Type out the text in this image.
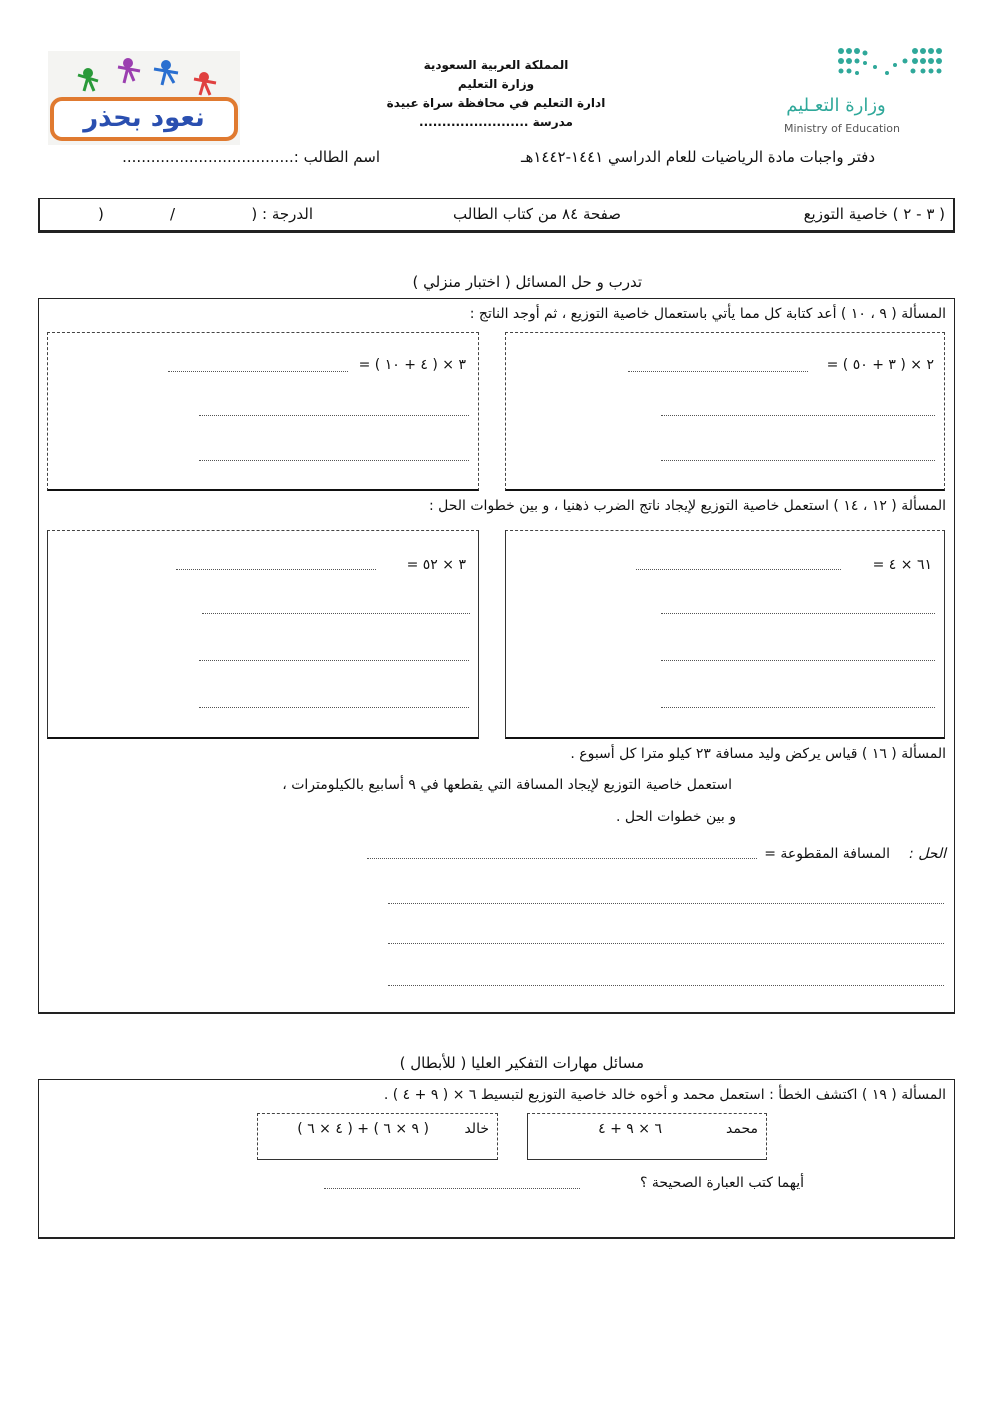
نعود بحذر
المملكة العربية السعودية
وزارة التعليم
ادارة التعليم في محافظة سراة عبيدة
مدرسة ........................
وزارة التعـليم
Ministry of Education
دفتر واجبات مادة الرياضيات للعام الدراسي ١٤٤١-١٤٤٢هـ
اسم الطالب :....................................
( ٣ - ٢ ) خاصية التوزيع
صفحة ٨٤ من كتاب الطالب
الدرجة : (
/
)
تدرب و حل المسائل ( اختبار منزلي )
المسألة ( ٩ ، ١٠ ) أعد كتابة كل مما يأتي باستعمال خاصية التوزيع ، ثم أوجد الناتج :
= ( ٣ + ٥٠ ) × ٢
= ( ٤ + ١٠ ) × ٣
المسألة ( ١٢ ، ١٤ ) استعمل خاصية التوزيع لإيجاد ناتج الضرب ذهنيا ، و بين خطوات الحل :
= ٦١ × ٤
= ٣ × ٥٢
المسألة ( ١٦ ) قياس يركض وليد مسافة ٢٣ كيلو مترا كل أسبوع .
استعمل خاصية التوزيع لإيجاد المسافة التي يقطعها في ٩ أسابيع بالكيلومترات ،
و بين خطوات الحل .
الحل :
المسافة المقطوعة =
مسائل مهارات التفكير العليا ( للأبطال )
المسألة ( ١٩ ) اكتشف الخطأ : استعمل محمد و أخوه خالد خاصية التوزيع لتبسيط ٦ × ( ٩ + ٤ ) .
محمد
٦ × ٩ + ٤
خالد
( ٤ × ٦ ) + ( ٩ × ٦ )
أيهما كتب العبارة الصحيحة ؟
